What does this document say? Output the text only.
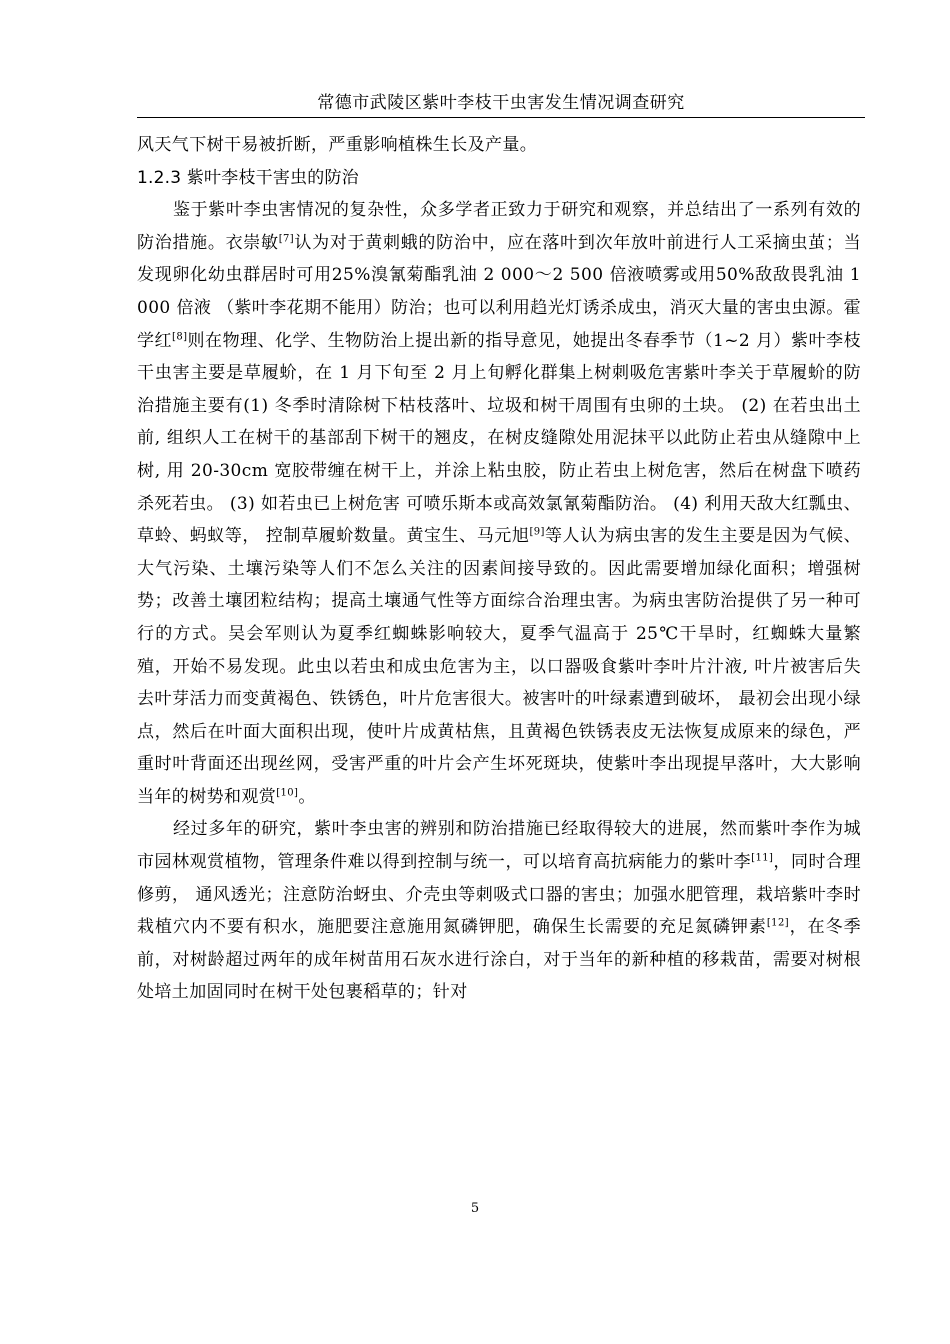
常德市武陵区紫叶李枝干虫害发生情况调查研究

风天气下树干易被折断，严重影响植株生长及产量。

1.2.3 紫叶李枝干害虫的防治

鉴于紫叶李虫害情况的复杂性，众多学者正致力于研究和观察，并总结出了一系列有效的防治措施。衣崇敏[7]认为对于黄刺蛾的防治中，应在落叶到次年放叶前进行人工采摘虫茧；当发现卵化幼虫群居时可用25%溴氰菊酯乳油 2 000～2 500 倍液喷雾或用50%敌敌畏乳油 1 000 倍液 （紫叶李花期不能用）防治；也可以利用趋光灯诱杀成虫，消灭大量的害虫虫源。霍学红[8]则在物理、化学、生物防治上提出新的指导意见，她提出冬春季节（1~2 月）紫叶李枝干虫害主要是草履蚧，在 1 月下旬至 2 月上旬孵化群集上树刺吸危害紫叶李关于草履蚧的防治措施主要有(1) 冬季时清除树下枯枝落叶、垃圾和树干周围有虫卵的土块。 (2) 在若虫出土前, 组织人工在树干的基部刮下树干的翘皮，在树皮缝隙处用泥抹平以此防止若虫从缝隙中上树, 用 20-30cm 宽胶带缠在树干上，并涂上粘虫胶，防止若虫上树危害，然后在树盘下喷药杀死若虫。 (3) 如若虫已上树危害 可喷乐斯本或高效氯氰菊酯防治。 (4) 利用天敌大红瓢虫、草蛉、蚂蚁等， 控制草履蚧数量。黄宝生、马元旭[9]等人认为病虫害的发生主要是因为气候、大气污染、土壤污染等人们不怎么关注的因素间接导致的。因此需要增加绿化面积；增强树势；改善土壤团粒结构；提高土壤通气性等方面综合治理虫害。为病虫害防治提供了另一种可行的方式。吴会军则认为夏季红蜘蛛影响较大，夏季气温高于 25℃干旱时，红蜘蛛大量繁殖，开始不易发现。此虫以若虫和成虫危害为主，以口器吸食紫叶李叶片汁液, 叶片被害后失去叶芽活力而变黄褐色、铁锈色，叶片危害很大。被害叶的叶绿素遭到破坏， 最初会出现小绿点，然后在叶面大面积出现，使叶片成黄枯焦，且黄褐色铁锈表皮无法恢复成原来的绿色，严重时叶背面还出现丝网，受害严重的叶片会产生坏死斑块，使紫叶李出现提早落叶，大大影响当年的树势和观赏[10]。

经过多年的研究，紫叶李虫害的辨别和防治措施已经取得较大的进展，然而紫叶李作为城市园林观赏植物，管理条件难以得到控制与统一，可以培育高抗病能力的紫叶李[11]，同时合理修剪， 通风透光；注意防治蚜虫、介壳虫等刺吸式口器的害虫；加强水肥管理，栽培紫叶李时栽植穴内不要有积水，施肥要注意施用氮磷钾肥，确保生长需要的充足氮磷钾素[12]，在冬季前，对树龄超过两年的成年树苗用石灰水进行涂白，对于当年的新种植的移栽苗，需要对树根处培土加固同时在树干处包裹稻草的；针对

5
